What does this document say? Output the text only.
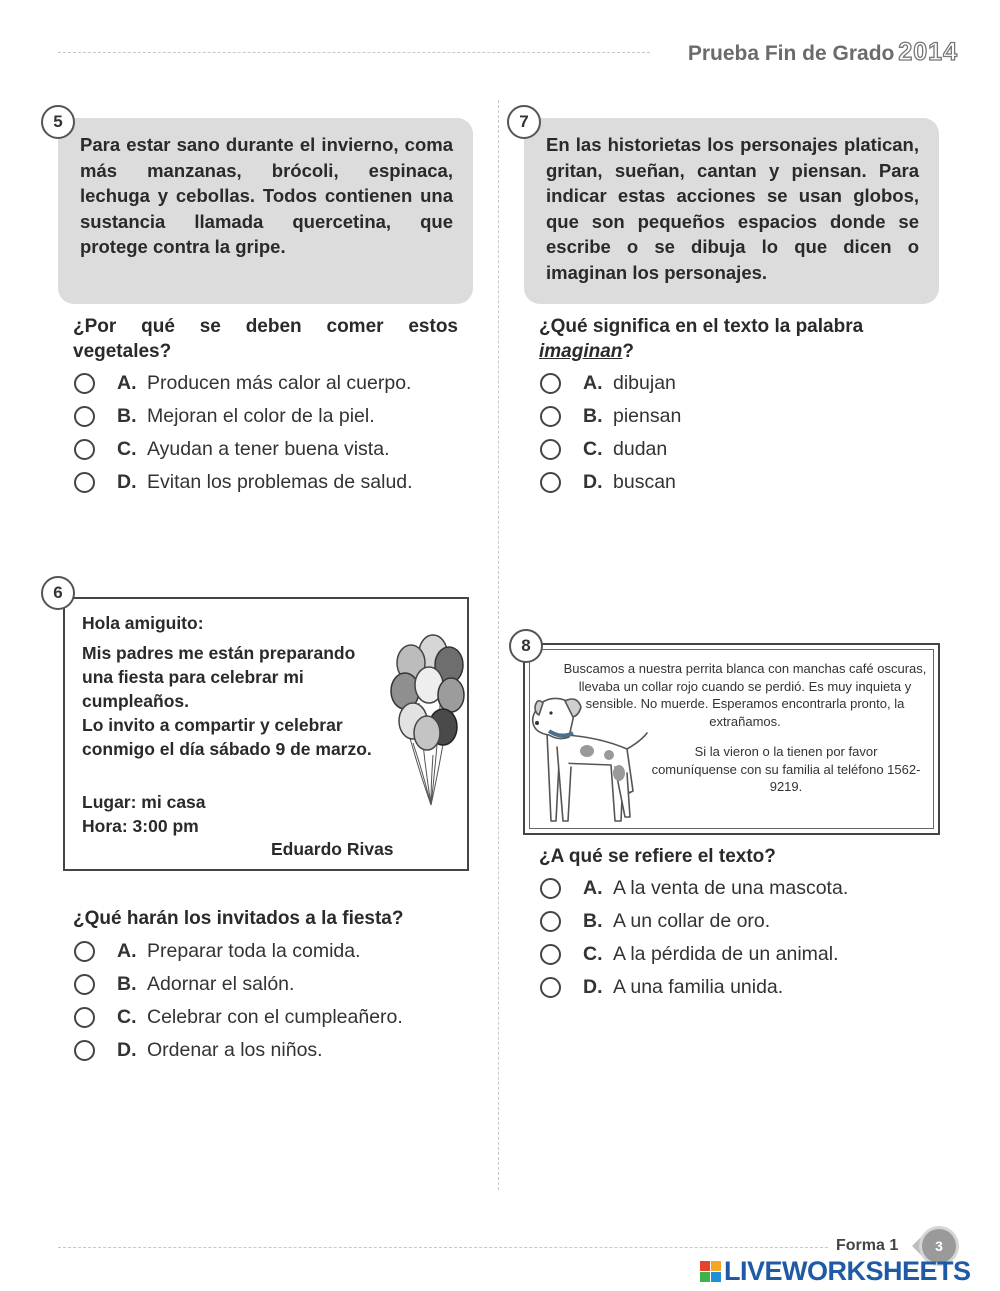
Prueba Fin de Grado 2014
5
Para estar sano durante el invierno, coma más manzanas, brócoli, espinaca, lechuga y cebollas. Todos contienen una sustancia llamada quercetina, que protege contra la gripe.
¿Por qué se deben comer estos vegetales?
A. Producen más calor al cuerpo.
B. Mejoran el color de la piel.
C. Ayudan a tener buena vista.
D. Evitan los problemas de salud.
7
En las historietas los personajes platican, gritan, sueñan, cantan y piensan. Para indicar estas acciones se usan globos, que son pequeños espacios donde se escribe o se dibuja lo que dicen o imaginan los personajes.
¿Qué significa en el texto la palabra imaginan?
A. dibujan
B. piensan
C. dudan
D. buscan
6

Hola amiguito:

Mis padres me están preparando una fiesta para celebrar mi cumpleaños.

Lo invito a compartir y celebrar conmigo el día sábado 9 de marzo.

Lugar: mi casa

Hora: 3:00 pm

Eduardo Rivas

¿Qué harán los invitados a la fiesta?
A. Preparar toda la comida.
B. Adornar el salón.
C. Celebrar con el cumpleañero.
D. Ordenar a los niños.
8
Buscamos a nuestra perrita blanca con manchas café oscuras, llevaba un collar rojo cuando se perdió. Es muy inquieta y sensible. No muerde. Esperamos encontrarla pronto, la extrañamos.
Si la vieron o la tienen por favor comuníquense con su familia al teléfono 1562-9219.
¿A qué se refiere el texto?
A. A la venta de una mascota.
B. A un collar de oro.
C. A la pérdida de un animal.
D. A una familia unida.
Forma 1	3
LIVEWORKSHEETS
